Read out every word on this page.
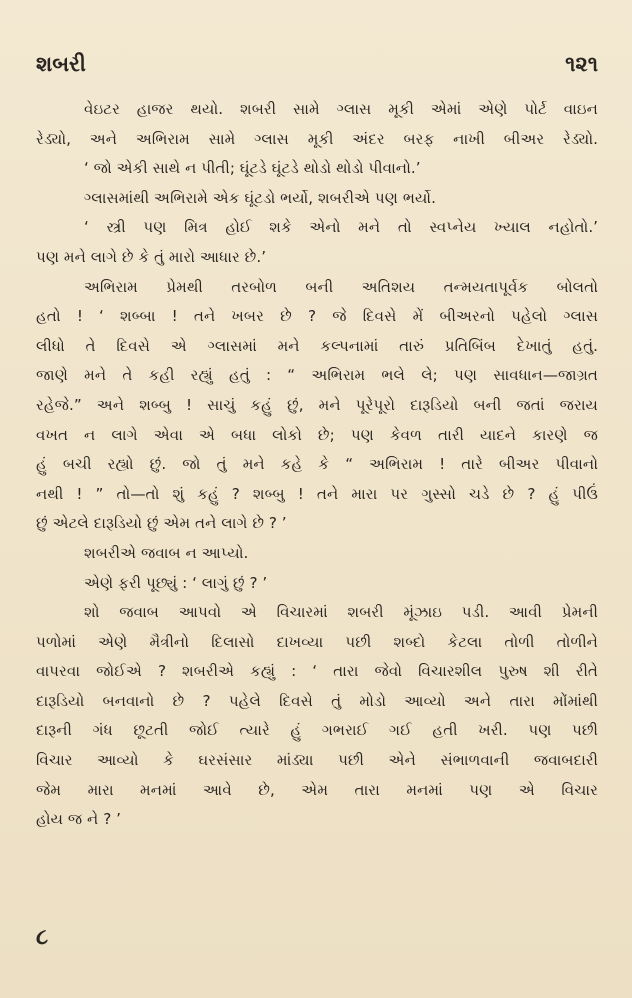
શબરી	૧૨૧
વેઇટર હાજર થયો. શબરી સામે ગ્લાસ મૂકી એમાં એણે પોર્ટ વાઇન
રેડ્યો, અને અભિરામ સામે ગ્લાસ મૂકી અંદર બરફ નાખી બીઅર રેડ્યો.
‘ જો એકી સાથે ન પીતી; ઘૂંટડે ઘૂંટડે થોડો થોડો પીવાનો.’
ગ્લાસમાંથી અભિરામે એક ઘૂંટડો ભર્યો, શબરીએ પણ ભર્યો.
‘ સ્ત્રી પણ મિત્ર હોઈ શકે એનો મને તો સ્વપ્નેય ખ્યાલ નહોતો.’
પણ મને લાગે છે કે તું મારો આધાર છે.’
અભિરામ પ્રેમથી તરબોળ બની અતિશય તન્મયતાપૂર્વક બોલતો
હતો ! ‘ શબ્બા ! તને ખબર છે ? જે દિવસે મેં બીઅરનો પહેલો ગ્લાસ
લીધો તે દિવસે એ ગ્લાસમાં મને કલ્પનામાં તારું પ્રતિબિંબ દેખાતું હતું.
જાણે મને તે કહી રહ્યું હતું : “ અભિરામ ભલે લે; પણ સાવધાન—જાગ્રત
રહેજે.” અને શબ્બુ ! સાચું કહું છું, મને પૂરેપૂરો દારૂડિયો બની જતાં જરાય
વખત ન લાગે એવા એ બધા લોકો છે; પણ કેવળ તારી યાદને કારણે જ
હું બચી રહ્યો છું. જો તું મને કહે કે “ અભિરામ ! તારે બીઅર પીવાનો
નથી ! ” તો—તો શું કહું ? શબ્બુ ! તને મારા પર ગુસ્સો ચડે છે ? હું પીઉં
છું એટલે દારૂડિયો છું એમ તને લાગે છે ? ’
શબરીએ જવાબ ન આપ્યો.
એણે ફરી પૂછ્યું : ‘ લાગું છું ? ’
શો જવાબ આપવો એ વિચારમાં શબરી મૂંઝાઇ પડી. આવી પ્રેમની
પળોમાં એણે મૈત્રીનો દિલાસો દાખવ્યા પછી શબ્દો કેટલા તોળી તોળીને
વાપરવા જોઈએ ? શબરીએ કહ્યું : ‘ તારા જેવો વિચારશીલ પુરુષ શી રીતે
દારૂડિયો બનવાનો છે ? પહેલે દિવસે તું મોડો આવ્યો અને તારા મોંમાંથી
દારૂની ગંધ છૂટતી જોઈ ત્યારે હું ગભરાઈ ગઈ હતી ખરી. પણ પછી
વિચાર આવ્યો કે ઘરસંસાર માંડ્યા પછી એને સંભાળવાની જવાબદારી
જેમ મારા મનમાં આવે છે, એમ તારા મનમાં પણ એ વિચાર
હોય જ ને ? ’
૮
